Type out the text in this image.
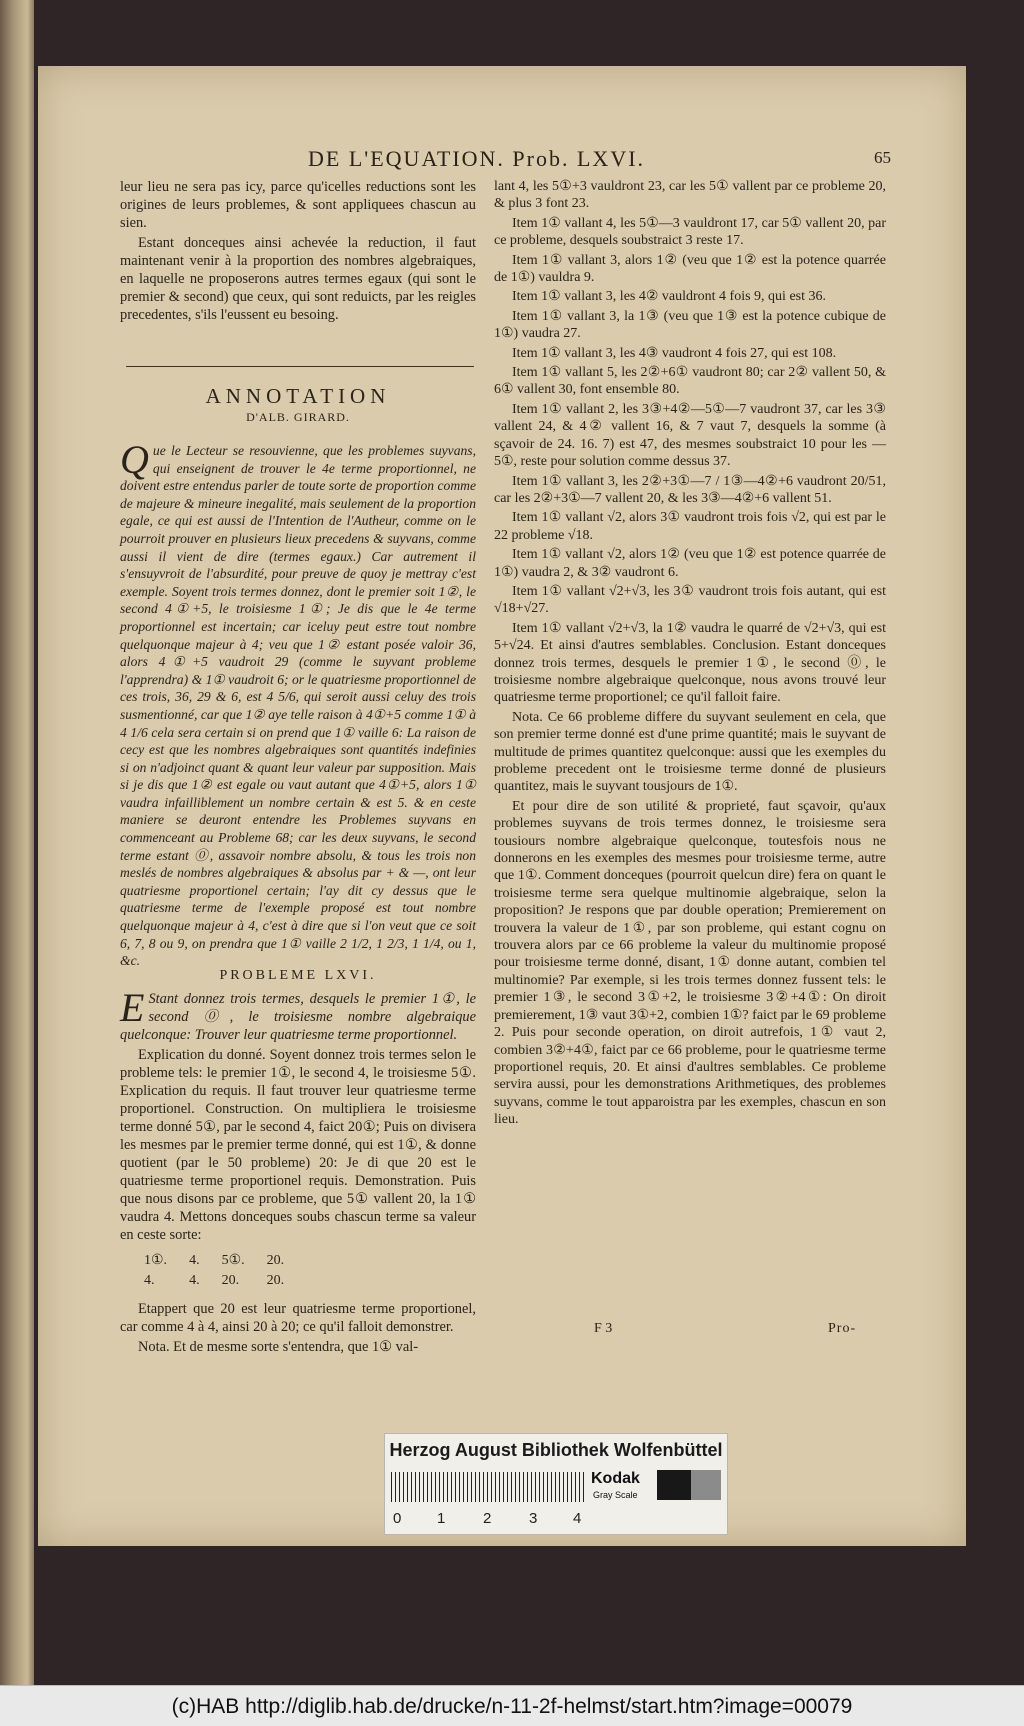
DE L'EQUATION. Prob. LXVI.	65

leur lieu ne sera pas icy, parce qu'icelles reductions sont les origines de leurs problemes, & sont appliquees chascun au sien.

Estant donceques ainsi achevée la reduction, il faut maintenant venir à la proportion des nombres algebraiques, en laquelle ne proposerons autres termes egaux (qui sont le premier & second) que ceux, qui sont reduicts, par les reigles precedentes, s'ils l'eussent eu besoing.

ANNOTATION
D'ALB. GIRARD.
Que le Lecteur se resouvienne, que les problemes suyvans, qui enseignent de trouver le 4e terme proportionnel, ne doivent estre entendus parler de toute sorte de proportion comme de majeure & mineure inegalité, mais seulement de la proportion egale, ce qui est aussi de l'Intention de l'Autheur, comme on le pourroit prouver en plusieurs lieux precedens & suyvans, comme aussi il vient de dire (termes egaux.) Car autrement il s'ensuyvroit de l'absurdité, pour preuve de quoy je mettray c'est exemple. Soyent trois termes donnez, dont le premier soit 1②, le second 4①+5, le troisiesme 1①; Je dis que le 4e terme proportionnel est incertain; car iceluy peut estre tout nombre quelquonque majeur à 4; veu que 1② estant posée valoir 36, alors 4①+5 vaudroit 29 (comme le suyvant probleme l'apprendra) & 1① vaudroit 6; or le quatriesme proportionnel de ces trois, 36, 29 & 6, est 4 5/6, qui seroit aussi celuy des trois susmentionné, car que 1② aye telle raison à 4①+5 comme 1① à 4 1/6 cela sera certain si on prend que 1① vaille 6: La raison de cecy est que les nombres algebraiques sont quantités indefinies si on n'adjoinct quant & quant leur valeur par supposition. Mais si je dis que 1② est egale ou vaut autant que 4①+5, alors 1① vaudra infailliblement un nombre certain & est 5. & en ceste maniere se deuront entendre les Problemes suyvans en commenceant au Probleme 68; car les deux suyvans, le second terme estant ⓪, assavoir nombre absolu, & tous les trois non meslés de nombres algebraiques & absolus par + & —, ont leur quatriesme proportionel certain; l'ay dit cy dessus que le quatriesme terme de l'exemple proposé est tout nombre quelquonque majeur à 4, c'est à dire que si l'on veut que ce soit 6, 7, 8 ou 9, on prendra que 1① vaille 2 1/2, 1 2/3, 1 1/4, ou 1, &c.
PROBLEME LXVI.

E Stant donnez trois termes, desquels le premier 1①, le second ⓪, le troisiesme nombre algebraique quelconque: Trouver leur quatriesme terme proportionnel.

Explication du donné. Soyent donnez trois termes selon le probleme tels: le premier 1①, le second 4, le troisiesme 5①. Explication du requis. Il faut trouver leur quatriesme terme proportionel. Construction. On multipliera le troisiesme terme donné 5①, par le second 4, faict 20①; Puis on divisera les mesmes par le premier terme donné, qui est 1①, & donne quotient (par le 50 probleme) 20: Je di que 20 est le quatriesme terme proportionel requis. Demonstration. Puis que nous disons par ce probleme, que 5① vallent 20, la 1① vaudra 4. Mettons donceques soubs chascun terme sa valeur en ceste sorte:

1①.	4.	5①.	20.
4.	4.	20.	20.

Etappert que 20 est leur quatriesme terme proportionel, car comme 4 à 4, ainsi 20 à 20; ce qu'il falloit demonstrer.

Nota. Et de mesme sorte s'entendra, que 1① val-

lant 4, les 5①+3 vauldront 23, car les 5① vallent par ce probleme 20, & plus 3 font 23.

Item 1① vallant 4, les 5①—3 vauldront 17, car 5① vallent 20, par ce probleme, desquels soubstraict 3 reste 17.

Item 1① vallant 3, alors 1② (veu que 1② est la potence quarrée de 1①) vauldra 9.

Item 1① vallant 3, les 4② vauldront 4 fois 9, qui est 36.

Item 1① vallant 3, la 1③ (veu que 1③ est la potence cubique de 1①) vaudra 27.

Item 1① vallant 3, les 4③ vaudront 4 fois 27, qui est 108.

Item 1① vallant 5, les 2②+6① vaudront 80; car 2② vallent 50, & 6① vallent 30, font ensemble 80.

Item 1① vallant 2, les 3③+4②—5①—7 vaudront 37, car les 3③ vallent 24, & 4② vallent 16, & 7 vaut 7, desquels la somme (à sçavoir de 24. 16. 7) est 47, des mesmes soubstraict 10 pour les —5①, reste pour solution comme dessus 37.

Item 1① vallant 3, les 2②+3①—7 / 1③—4②+6 vaudront 20/51, car les 2②+3①—7 vallent 20, & les 3③—4②+6 vallent 51.

Item 1① vallant √2, alors 3① vaudront trois fois √2, qui est par le 22 probleme √18.

Item 1① vallant √2, alors 1② (veu que 1② est potence quarrée de 1①) vaudra 2, & 3② vaudront 6.

Item 1① vallant √2+√3, les 3① vaudront trois fois autant, qui est √18+√27.

Item 1① vallant √2+√3, la 1② vaudra le quarré de √2+√3, qui est 5+√24. Et ainsi d'autres semblables. Conclusion. Estant donceques donnez trois termes, desquels le premier 1①, le second ⓪, le troisiesme nombre algebraique quelconque, nous avons trouvé leur quatriesme terme proportionel; ce qu'il falloit faire.

Nota. Ce 66 probleme differe du suyvant seulement en cela, que son premier terme donné est d'une prime quantité; mais le suyvant de multitude de primes quantitez quelconque: aussi que les exemples du probleme precedent ont le troisiesme terme donné de plusieurs quantitez, mais le suyvant tousjours de 1①.

Et pour dire de son utilité & proprieté, faut sçavoir, qu'aux problemes suyvans de trois termes donnez, le troisiesme sera tousiours nombre algebraique quelconque, toutesfois nous ne donnerons en les exemples des mesmes pour troisiesme terme, autre que 1①. Comment donceques (pourroit quelcun dire) fera on quant le troisiesme terme sera quelque multinomie algebraique, selon la proposition? Je respons que par double operation; Premierement on trouvera la valeur de 1①, par son probleme, qui estant cognu on trouvera alors par ce 66 probleme la valeur du multinomie proposé pour troisiesme terme donné, disant, 1① donne autant, combien tel multinomie? Par exemple, si les trois termes donnez fussent tels: le premier 1③, le second 3①+2, le troisiesme 3②+4①: On diroit premierement, 1③ vaut 3①+2, combien 1①? faict par le 69 probleme 2. Puis pour seconde operation, on diroit autrefois, 1① vaut 2, combien 3②+4①, faict par ce 66 probleme, pour le quatriesme terme proportionel requis, 20. Et ainsi d'aultres semblables. Ce probleme servira aussi, pour les demonstrations Arithmetiques, des problemes suyvans, comme le tout apparoistra par les exemples, chascun en son lieu.

F 3	Pro-
Herzog August Bibliothek Wolfenbüttel
0 1	2	3 4
Kodak
Gray Scale
(c)HAB http://diglib.hab.de/drucke/n-11-2f-helmst/start.htm?image=00079
